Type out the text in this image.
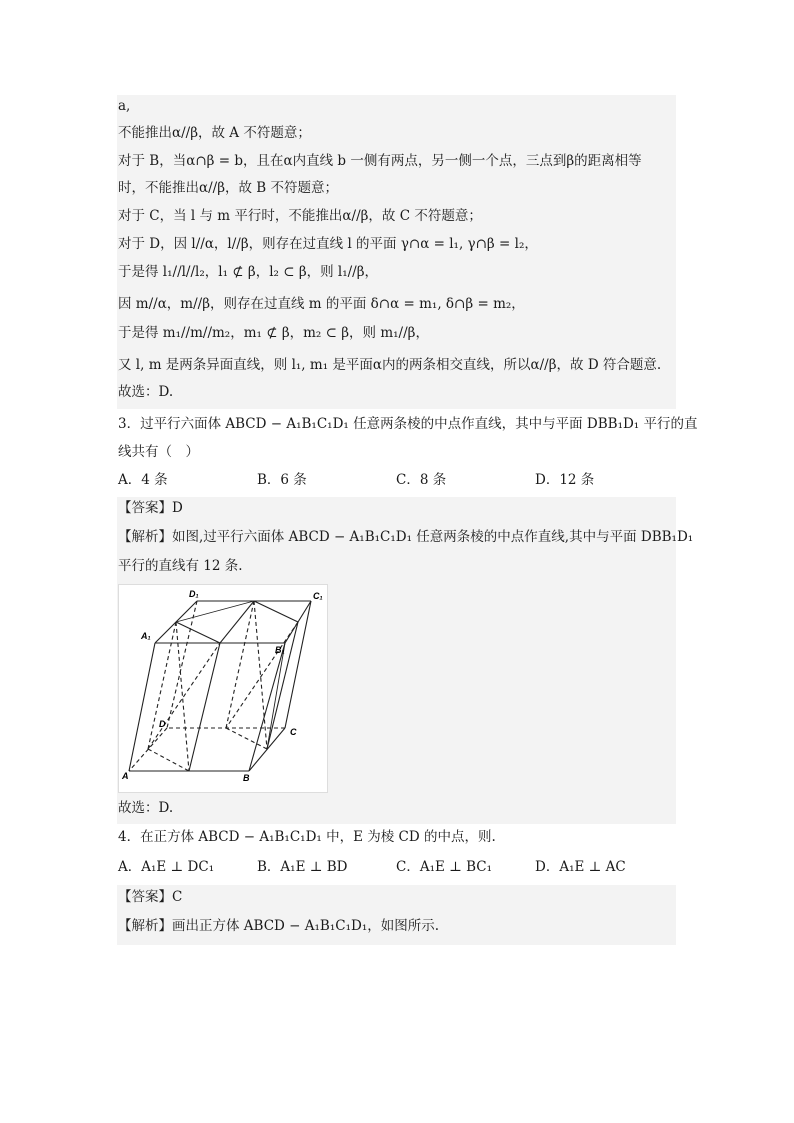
a,
不能推出α//β，故 A 不符题意；
对于 B，当α∩β = b，且在α内直线 b 一侧有两点，另一侧一个点，三点到β的距离相等
时，不能推出α//β，故 B 不符题意；
对于 C，当 l 与 m 平行时，不能推出α//β，故 C 不符题意；
对于 D，因 l//α，l//β，则存在过直线 l 的平面 γ∩α = l₁, γ∩β = l₂，
于是得 l₁//l//l₂，l₁ ⊄ β，l₂ ⊂ β，则 l₁//β，
因 m//α，m//β，则存在过直线 m 的平面 δ∩α = m₁, δ∩β = m₂，
于是得 m₁//m//m₂，m₁ ⊄ β，m₂ ⊂ β，则 m₁//β，
又 l, m 是两条异面直线，则 l₁, m₁ 是平面α内的两条相交直线，所以α//β，故 D 符合题意.
故选：D.
3．过平行六面体 ABCD − A₁B₁C₁D₁ 任意两条棱的中点作直线，其中与平面 DBB₁D₁ 平行的直
线共有（　）
A．4 条	B．6 条	C．8 条	D．12 条
【答案】D
【解析】如图,过平行六面体 ABCD − A₁B₁C₁D₁ 任意两条棱的中点作直线,其中与平面 DBB₁D₁
平行的直线有 12 条.
D₁	C₁
A₁
B₁
D
C
A	B
故选：D.
4．在正方体 ABCD − A₁B₁C₁D₁ 中，E 为棱 CD 的中点，则.
A．A₁E ⊥ DC₁	B．A₁E ⊥ BD	C．A₁E ⊥ BC₁	D．A₁E ⊥ AC
【答案】C
【解析】画出正方体 ABCD − A₁B₁C₁D₁，如图所示.
